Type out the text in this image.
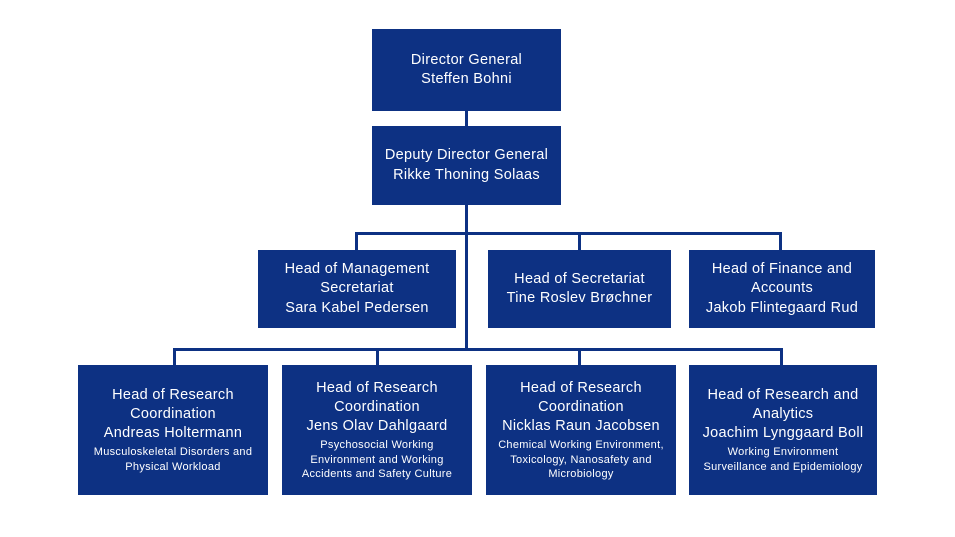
Director General
Steffen Bohni
Deputy Director General
Rikke Thoning Solaas
Head of Management Secretariat
Sara Kabel Pedersen
Head of Secretariat
Tine Roslev Brøchner
Head of Finance and Accounts
Jakob Flintegaard Rud
Head of Research Coordination
Andreas Holtermann
Musculoskeletal Disorders and Physical Workload
Head of Research Coordination
Jens Olav Dahlgaard
Psychosocial Working Environment and Working Accidents and Safety Culture
Head of Research Coordination
Nicklas Raun Jacobsen
Chemical Working Environment, Toxicology, Nanosafety and Microbiology
Head of Research and Analytics
Joachim Lynggaard Boll
Working Environment Surveillance and Epidemiology
